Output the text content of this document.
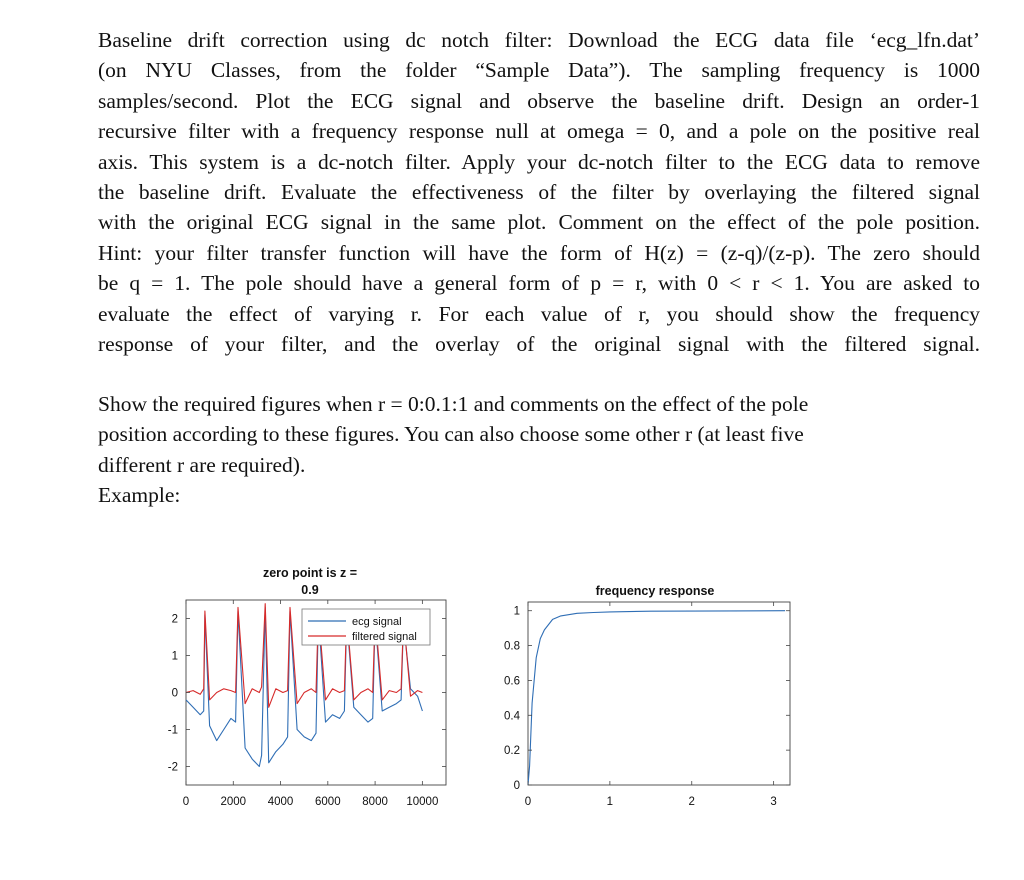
Baseline drift correction using dc notch filter: Download the ECG data file ‘ecg_lfn.dat’
(on NYU Classes, from the folder “Sample Data”). The sampling frequency is 1000
samples/second. Plot the ECG signal and observe the baseline drift. Design an order-1
recursive filter with a frequency response null at omega = 0, and a pole on the positive real
axis. This system is a dc-notch filter. Apply your dc-notch filter to the ECG data to remove
the baseline drift. Evaluate the effectiveness of the filter by overlaying the filtered signal
with the original ECG signal in the same plot. Comment on the effect of the pole position.
Hint: your filter transfer function will have the form of H(z) = (z-q)/(z-p). The zero should
be q = 1. The pole should have a general form of p = r, with 0 < r < 1. You are asked to
evaluate the effect of varying r. For each value of r, you should show the frequency
response of your filter, and the overlay of the original signal with the filtered signal.
Show the required figures when r = 0:0.1:1 and comments on the effect of the pole
position according to these figures. You can also choose some other r (at least five
different r are required).
Example:
zero point is z =
0.9
0	2000 4000 6000 8000 10000
2
1
0
-1
-2
ecg signal
filtered signal
frequency response
0	1	2	3
1
0.8
0.6
0.4
0.2
0
